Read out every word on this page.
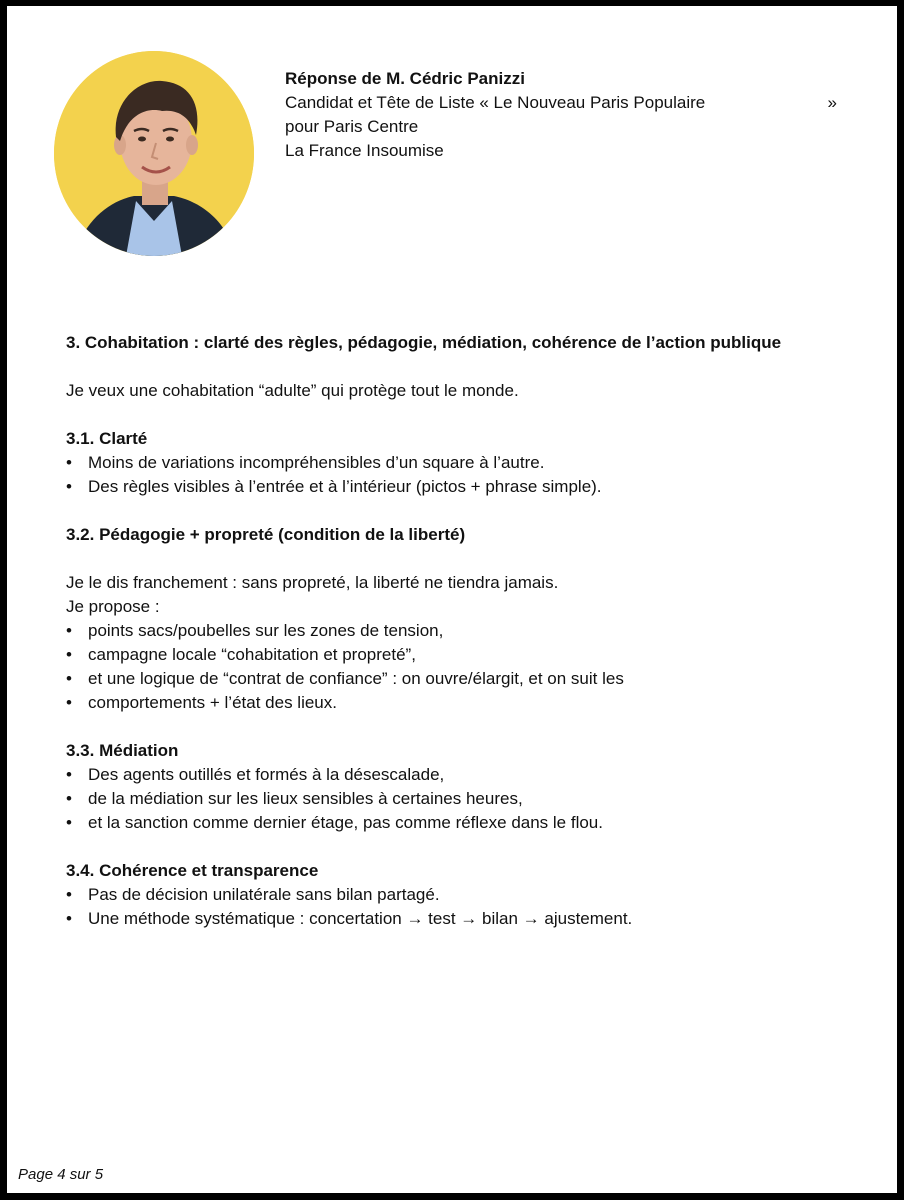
Réponse de M. Cédric Panizzi
Candidat et Tête de Liste « Le Nouveau Paris Populaire	»
pour Paris Centre
La France Insoumise
3. Cohabitation : clarté des règles, pédagogie, médiation, cohérence de l’action publique

Je veux une cohabitation “adulte” qui protège tout le monde.

3.1. Clarté
• Moins de variations incompréhensibles d’un square à l’autre.
• Des règles visibles à l’entrée et à l’intérieur (pictos + phrase simple).
3.2. Pédagogie + propreté (condition de la liberté)

Je le dis franchement : sans propreté, la liberté ne tiendra jamais.

Je propose :

• points sacs/poubelles sur les zones de tension,
• campagne locale “cohabitation et propreté”,
• et une logique de “contrat de confiance” : on ouvre/élargit, et on suit les
• comportements + l’état des lieux.
3.3. Médiation
• Des agents outillés et formés à la désescalade,
• de la médiation sur les lieux sensibles à certaines heures,
• et la sanction comme dernier étage, pas comme réflexe dans le flou.
3.4. Cohérence et transparence
• Pas de décision unilatérale sans bilan partagé.
• Une méthode systématique : concertation → test → bilan → ajustement.
Page 4 sur 5
